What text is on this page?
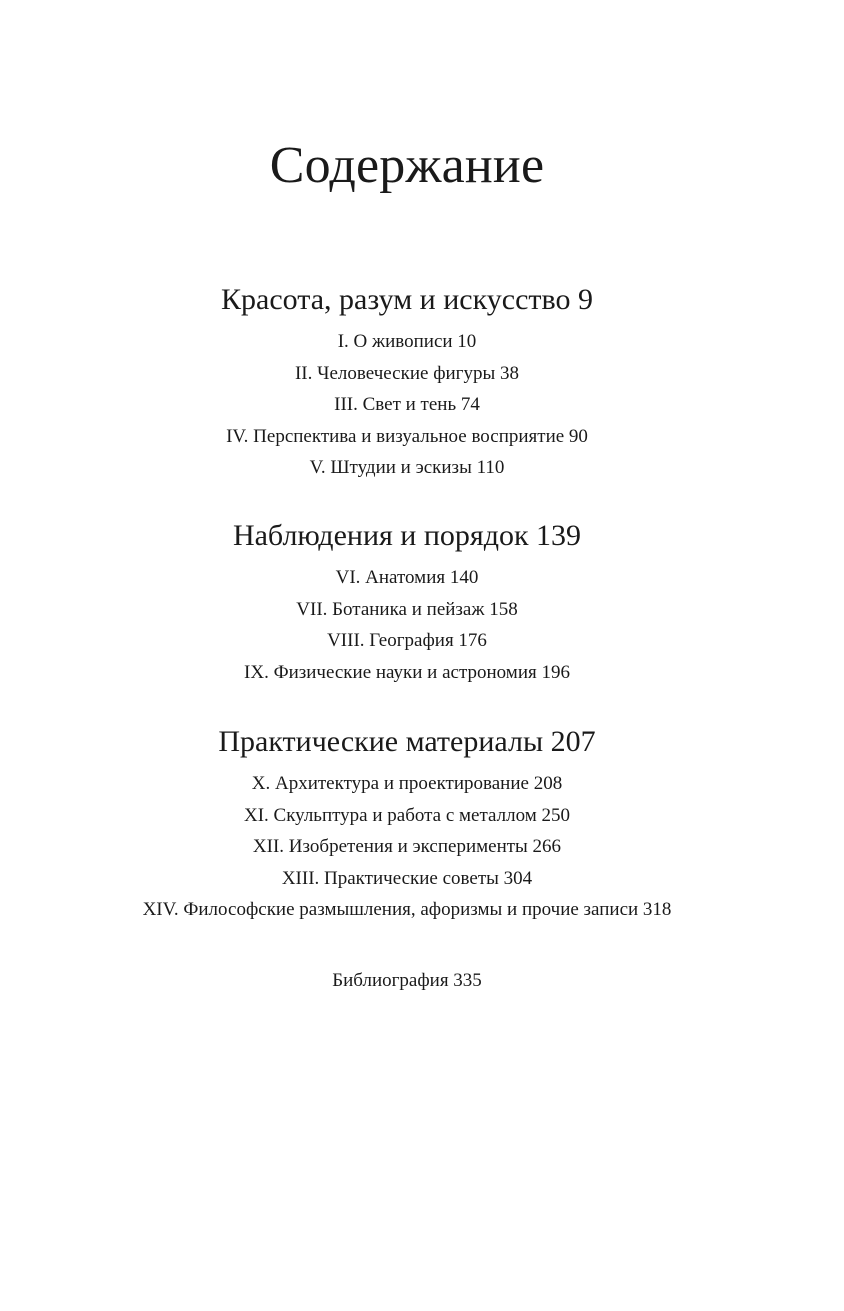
Содержание
Красота, разум и искусство 9
I. О живописи 10
II. Человеческие фигуры 38
III. Свет и тень 74
IV. Перспектива и визуальное восприятие 90
V. Штудии и эскизы 110
Наблюдения и порядок 139
VI. Анатомия 140
VII. Ботаника и пейзаж 158
VIII. География 176
IX. Физические науки и астрономия 196
Практические материалы 207
X. Архитектура и проектирование 208
XI. Скульптура и работа с металлом 250
XII. Изобретения и эксперименты 266
XIII. Практические советы 304
XIV. Философские размышления, афоризмы и прочие записи 318
Библиография 335
